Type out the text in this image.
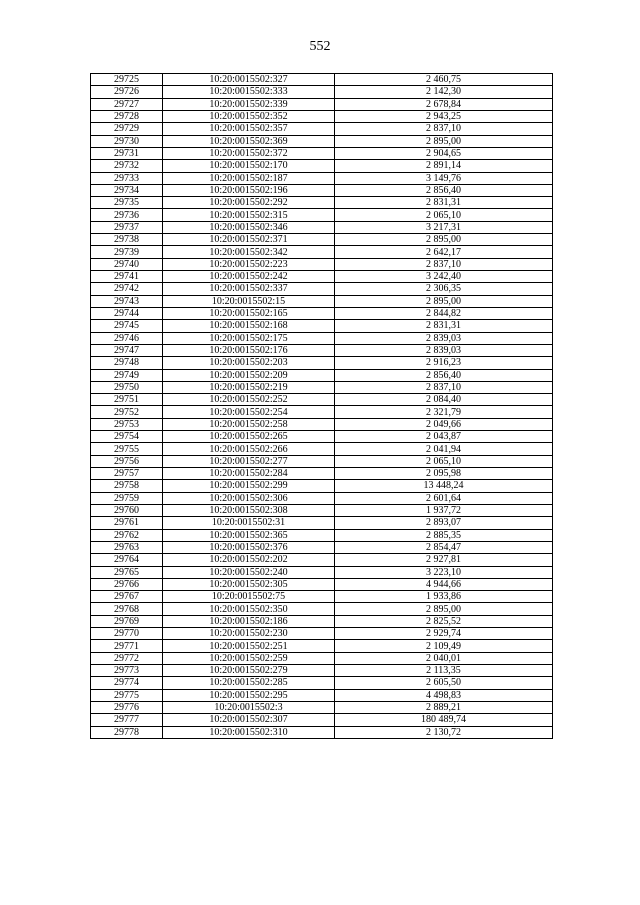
552
29725	10:20:0015502:327	2 460,75
29726	10:20:0015502:333	2 142,30
29727	10:20:0015502:339	2 678,84
29728	10:20:0015502:352	2 943,25
29729	10:20:0015502:357	2 837,10
29730	10:20:0015502:369	2 895,00
29731	10:20:0015502:372	2 904,65
29732	10:20:0015502:170	2 891,14
29733	10:20:0015502:187	3 149,76
29734	10:20:0015502:196	2 856,40
29735	10:20:0015502:292	2 831,31
29736	10:20:0015502:315	2 065,10
29737	10:20:0015502:346	3 217,31
29738	10:20:0015502:371	2 895,00
29739	10:20:0015502:342	2 642,17
29740	10:20:0015502:223	2 837,10
29741	10:20:0015502:242	3 242,40
29742	10:20:0015502:337	2 306,35
29743	10:20:0015502:15	2 895,00
29744	10:20:0015502:165	2 844,82
29745	10:20:0015502:168	2 831,31
29746	10:20:0015502:175	2 839,03
29747	10:20:0015502:176	2 839,03
29748	10:20:0015502:203	2 916,23
29749	10:20:0015502:209	2 856,40
29750	10:20:0015502:219	2 837,10
29751	10:20:0015502:252	2 084,40
29752	10:20:0015502:254	2 321,79
29753	10:20:0015502:258	2 049,66
29754	10:20:0015502:265	2 043,87
29755	10:20:0015502:266	2 041,94
29756	10:20:0015502:277	2 065,10
29757	10:20:0015502:284	2 095,98
29758	10:20:0015502:299	13 448,24
29759	10:20:0015502:306	2 601,64
29760	10:20:0015502:308	1 937,72
29761	10:20:0015502:31	2 893,07
29762	10:20:0015502:365	2 885,35
29763	10:20:0015502:376	2 854,47
29764	10:20:0015502:202	2 927,81
29765	10:20:0015502:240	3 223,10
29766	10:20:0015502:305	4 944,66
29767	10:20:0015502:75	1 933,86
29768	10:20:0015502:350	2 895,00
29769	10:20:0015502:186	2 825,52
29770	10:20:0015502:230	2 929,74
29771	10:20:0015502:251	2 109,49
29772	10:20:0015502:259	2 040,01
29773	10:20:0015502:279	2 113,35
29774	10:20:0015502:285	2 605,50
29775	10:20:0015502:295	4 498,83
29776	10:20:0015502:3	2 889,21
29777	10:20:0015502:307	180 489,74
29778	10:20:0015502:310	2 130,72
